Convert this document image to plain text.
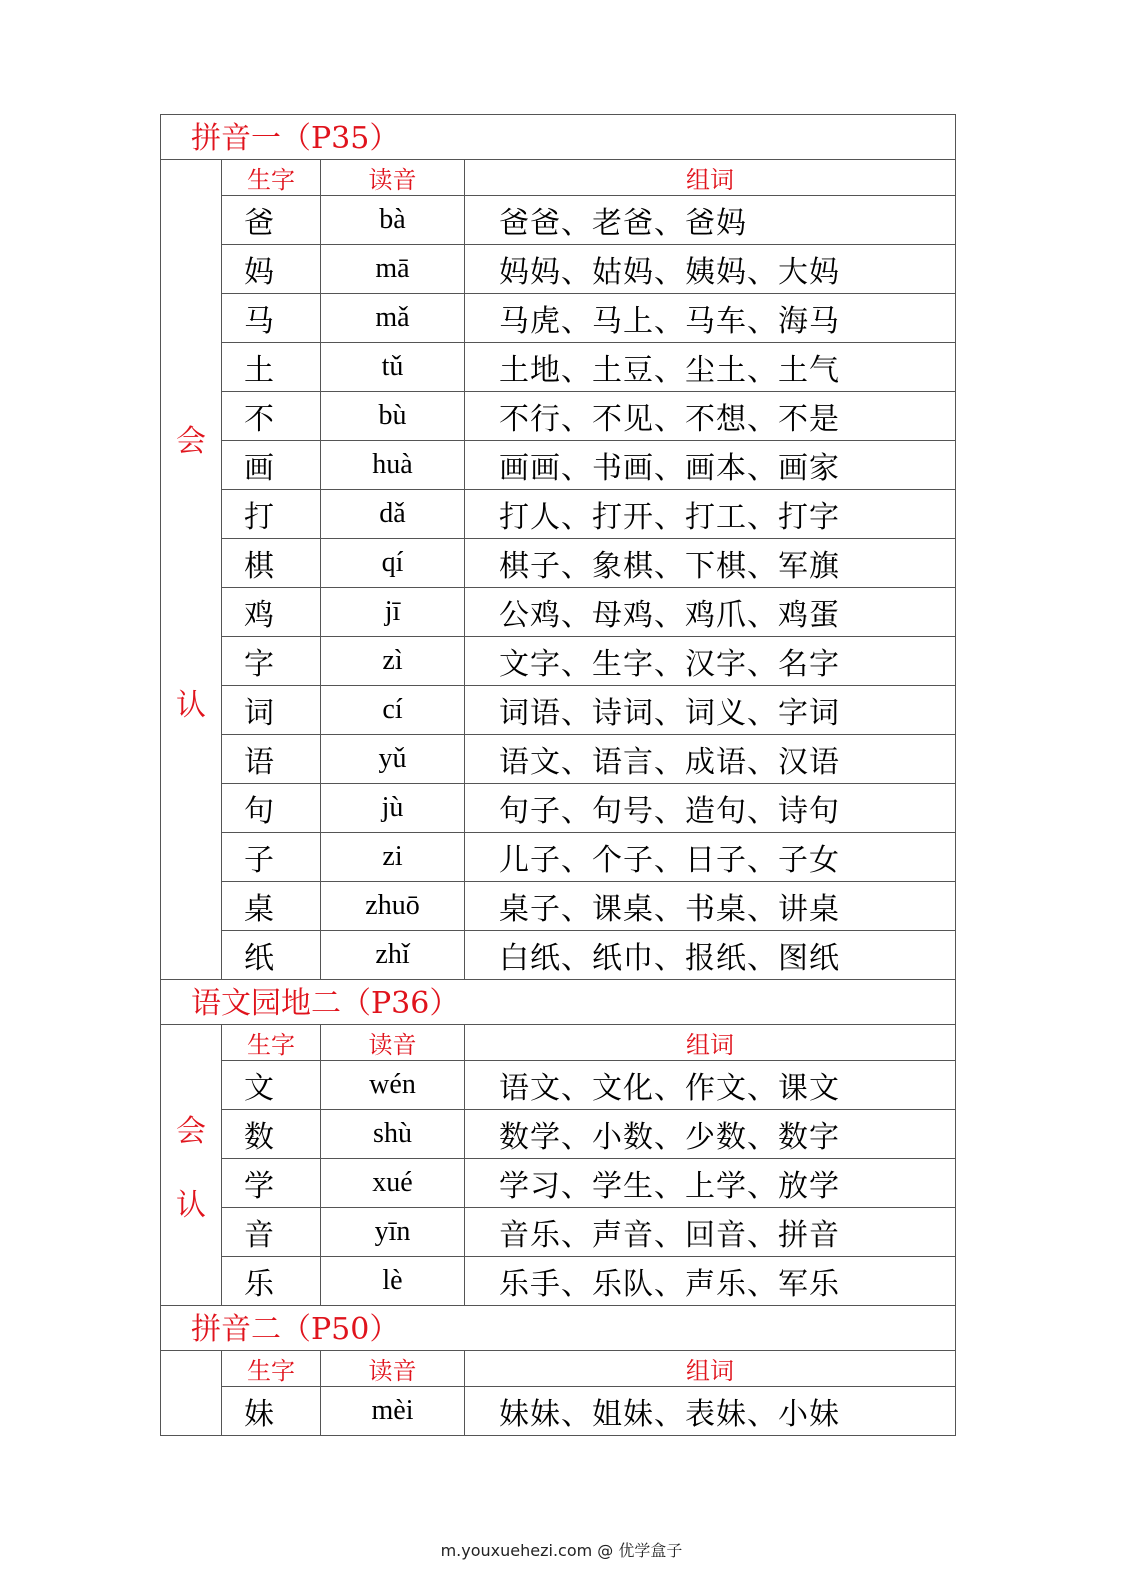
拼音一（P35）			

会
认	生字	读音	组词
	爸	bà	爸爸、老爸、爸妈
	妈	mā	妈妈、姑妈、姨妈、大妈
	马	mǎ	马虎、马上、马车、海马
	土	tǔ	土地、土豆、尘土、土气
	不	bù	不行、不见、不想、不是
	画	huà	画画、书画、画本、画家
	打	dǎ	打人、打开、打工、打字
	棋	qí	棋子、象棋、下棋、军旗
	鸡	jī	公鸡、母鸡、鸡爪、鸡蛋
	字	zì	文字、生字、汉字、名字
	词	cí	词语、诗词、词义、字词
	语	yǔ	语文、语言、成语、汉语
	句	jù	句子、句号、造句、诗句
	子	zi	儿子、个子、日子、子女
	桌	zhuō	桌子、课桌、书桌、讲桌
	纸	zhǐ	白纸、纸巾、报纸、图纸
语文园地二（P36）			

会
认	生字	读音	组词
	文	wén	语文、文化、作文、课文
	数	shù	数学、小数、少数、数字
	学	xué	学习、学生、上学、放学
	音	yīn	音乐、声音、回音、拼音
	乐	lè	乐手、乐队、声乐、军乐
拼音二（P50）			
	生字	读音	组词
	妹	mèi	妹妹、姐妹、表妹、小妹
m.youxuehezi.com @ 优学盒子
